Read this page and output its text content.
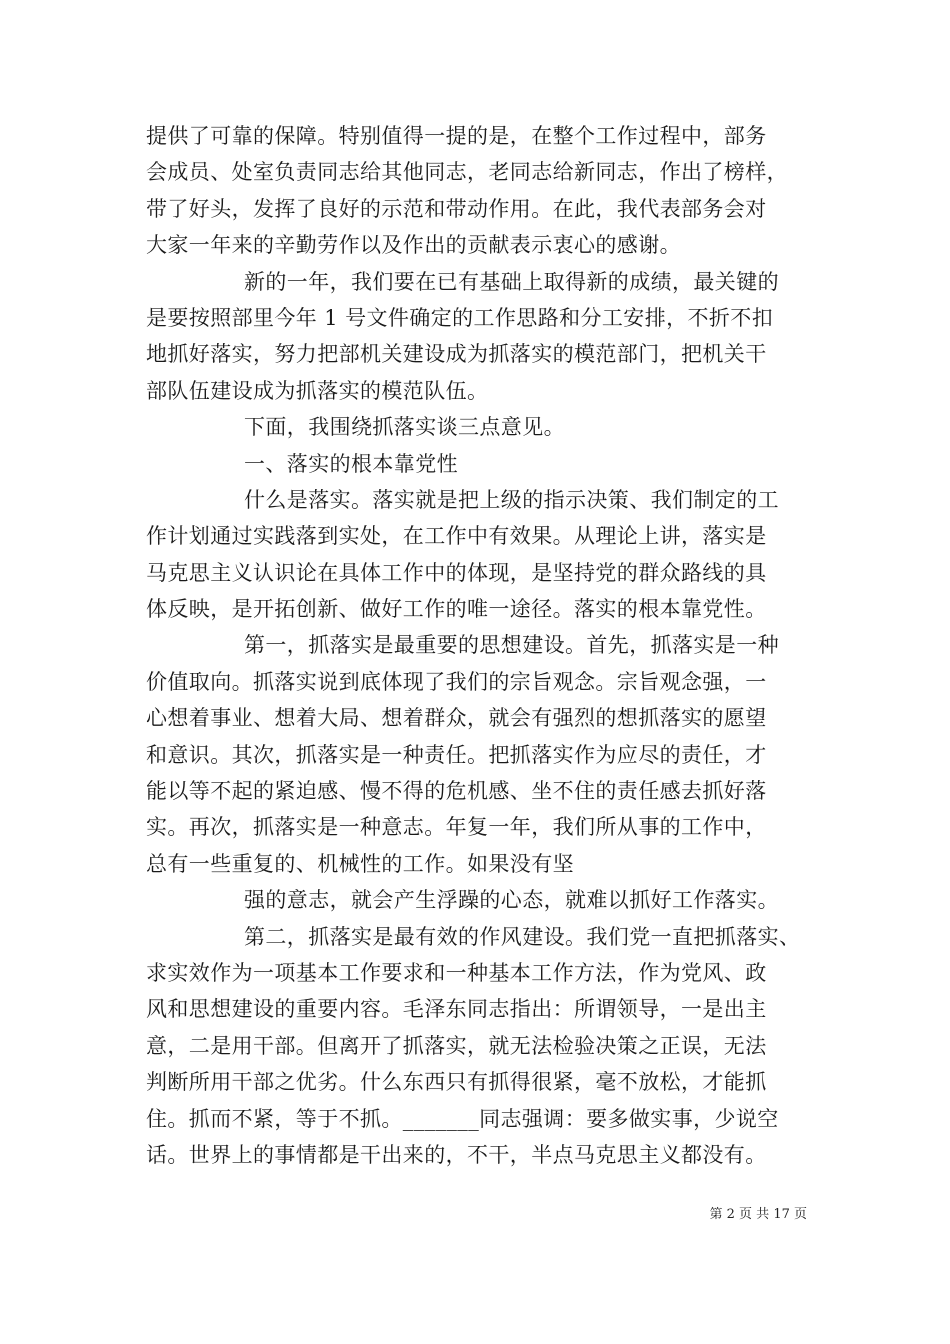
提供了可靠的保障。特别值得一提的是，在整个工作过程中，部务
会成员、处室负责同志给其他同志，老同志给新同志，作出了榜样，
带了好头，发挥了良好的示范和带动作用。在此，我代表部务会对
大家一年来的辛勤劳作以及作出的贡献表示衷心的感谢。
新的一年，我们要在已有基础上取得新的成绩，最关键的
是要按照部里今年 1 号文件确定的工作思路和分工安排，不折不扣
地抓好落实，努力把部机关建设成为抓落实的模范部门，把机关干
部队伍建设成为抓落实的模范队伍。
下面，我围绕抓落实谈三点意见。
一、落实的根本靠党性
什么是落实。落实就是把上级的指示决策、我们制定的工
作计划通过实践落到实处，在工作中有效果。从理论上讲，落实是
马克思主义认识论在具体工作中的体现，是坚持党的群众路线的具
体反映，是开拓创新、做好工作的唯一途径。落实的根本靠党性。
第一，抓落实是最重要的思想建设。首先，抓落实是一种
价值取向。抓落实说到底体现了我们的宗旨观念。宗旨观念强，一
心想着事业、想着大局、想着群众，就会有强烈的想抓落实的愿望
和意识。其次，抓落实是一种责任。把抓落实作为应尽的责任，才
能以等不起的紧迫感、慢不得的危机感、坐不住的责任感去抓好落
实。再次，抓落实是一种意志。年复一年，我们所从事的工作中，
总有一些重复的、机械性的工作。如果没有坚
强的意志，就会产生浮躁的心态，就难以抓好工作落实。
第二，抓落实是最有效的作风建设。我们党一直把抓落实、
求实效作为一项基本工作要求和一种基本工作方法，作为党风、政
风和思想建设的重要内容。毛泽东同志指出：所谓领导，一是出主
意，二是用干部。但离开了抓落实，就无法检验决策之正误，无法
判断所用干部之优劣。什么东西只有抓得很紧，毫不放松，才能抓
住。抓而不紧，等于不抓。_______同志强调：要多做实事，少说空
话。世界上的事情都是干出来的，不干，半点马克思主义都没有。
第 2 页 共 17 页
